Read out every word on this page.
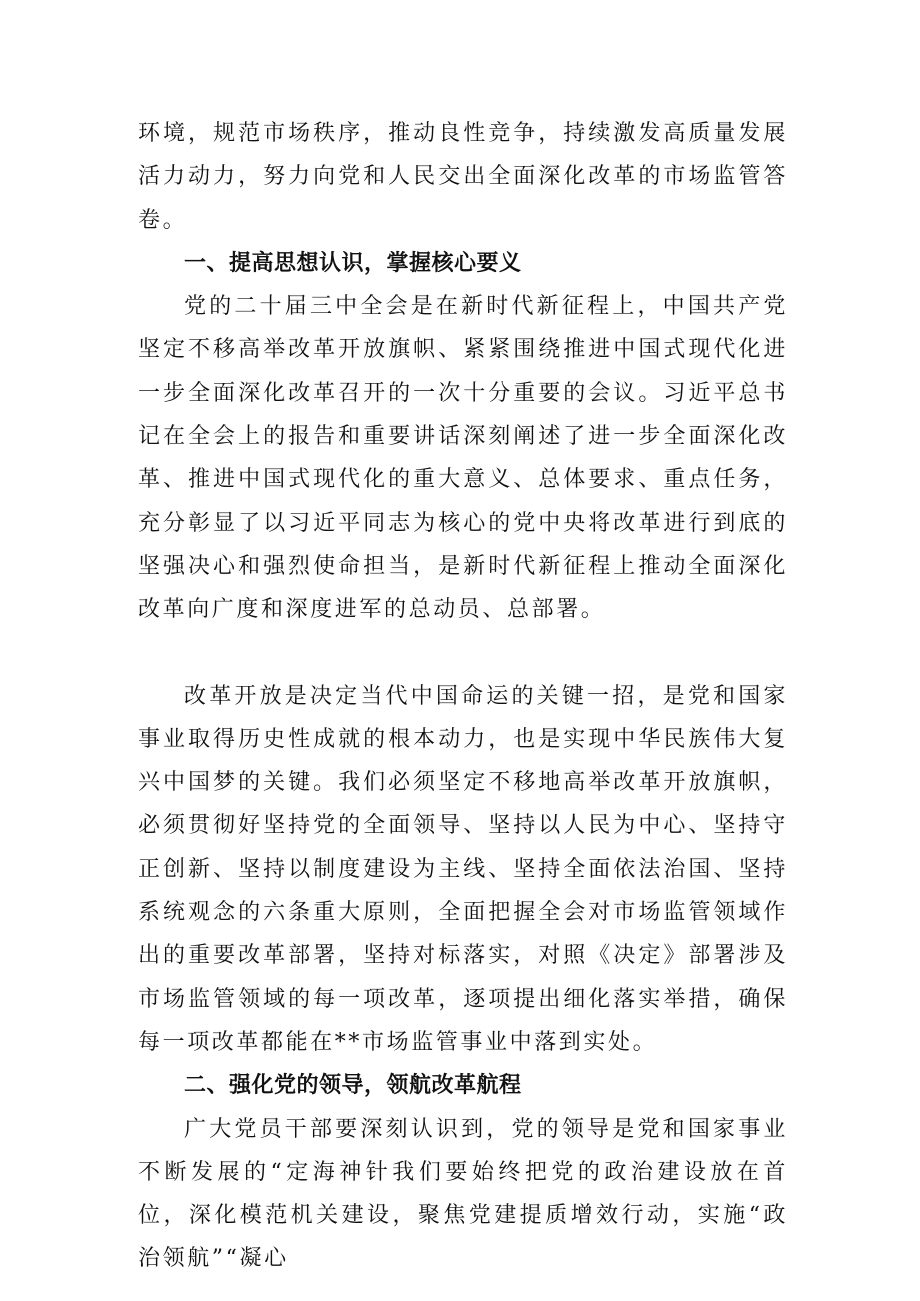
环境，规范市场秩序，推动良性竞争，持续激发高质量发展活力动力，努力向党和人民交出全面深化改革的市场监管答卷。

一、提高思想认识，掌握核心要义

党的二十届三中全会是在新时代新征程上，中国共产党坚定不移高举改革开放旗帜、紧紧围绕推进中国式现代化进一步全面深化改革召开的一次十分重要的会议。习近平总书记在全会上的报告和重要讲话深刻阐述了进一步全面深化改革、推进中国式现代化的重大意义、总体要求、重点任务，充分彰显了以习近平同志为核心的党中央将改革进行到底的坚强决心和强烈使命担当，是新时代新征程上推动全面深化改革向广度和深度进军的总动员、总部署。

改革开放是决定当代中国命运的关键一招，是党和国家事业取得历史性成就的根本动力，也是实现中华民族伟大复兴中国梦的关键。我们必须坚定不移地高举改革开放旗帜，必须贯彻好坚持党的全面领导、坚持以人民为中心、坚持守正创新、坚持以制度建设为主线、坚持全面依法治国、坚持系统观念的六条重大原则，全面把握全会对市场监管领域作出的重要改革部署，坚持对标落实，对照《决定》部署涉及市场监管领域的每一项改革，逐项提出细化落实举措，确保每一项改革都能在**市场监管事业中落到实处。

二、强化党的领导，领航改革航程

广大党员干部要深刻认识到，党的领导是党和国家事业不断发展的“定海神针我们要始终把党的政治建设放在首位，深化模范机关建设，聚焦党建提质增效行动，实施“政治领航”“凝心
